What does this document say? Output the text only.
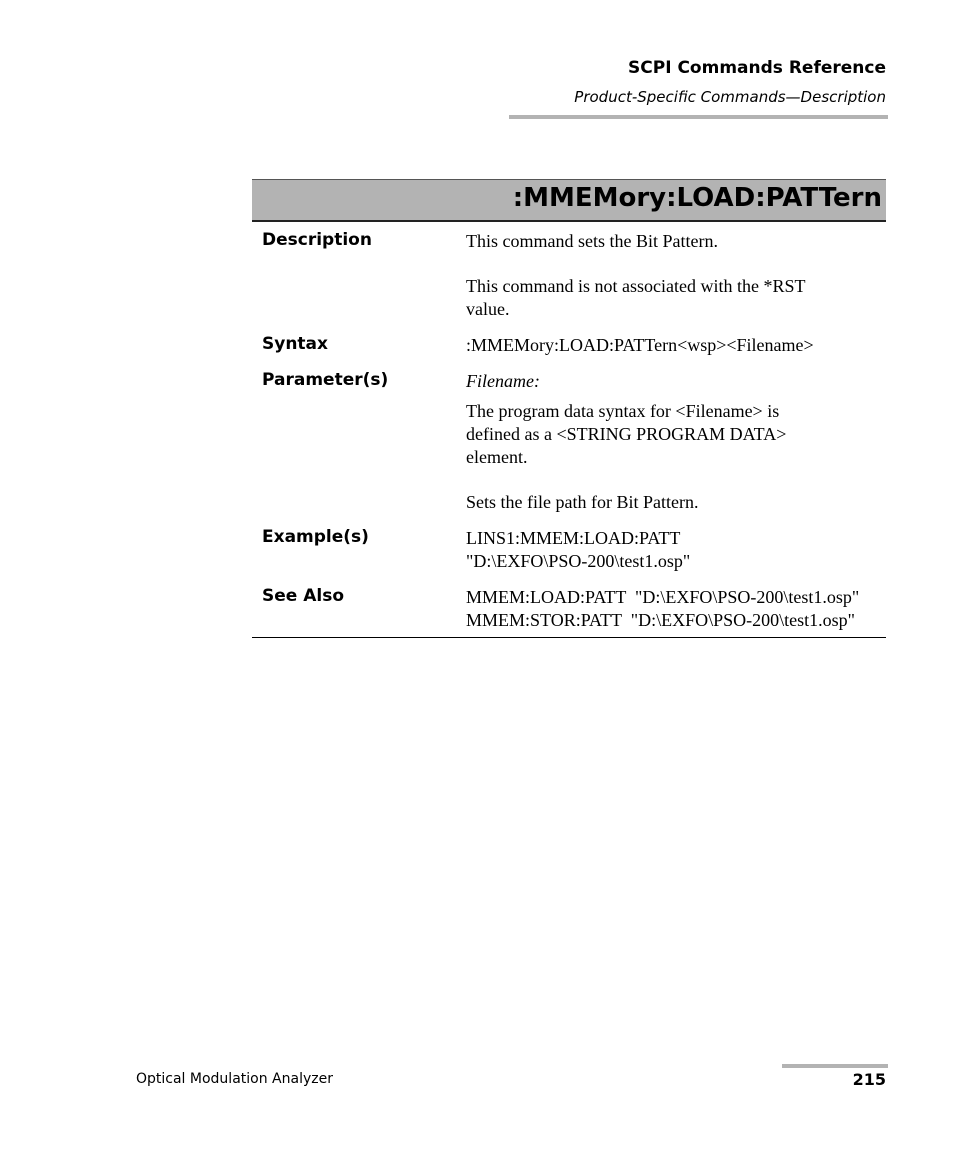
SCPI Commands Reference
Product-Specific Commands—Description
:MMEMory:LOAD:PATTern
Description	This command sets the Bit Pattern.
This command is not associated with the *RST
value.
Syntax	:MMEMory:LOAD:PATTern<wsp><Filename>
Parameter(s)	Filename:
The program data syntax for <Filename> is
defined as a <STRING PROGRAM DATA>
element.
Sets the file path for Bit Pattern.
Example(s)	LINS1:MMEM:LOAD:PATT
"D:\EXFO\PSO-200\test1.osp"
See Also	MMEM:LOAD:PATT  "D:\EXFO\PSO-200\test1.osp"
MMEM:STOR:PATT  "D:\EXFO\PSO-200\test1.osp"
Optical Modulation Analyzer	215
